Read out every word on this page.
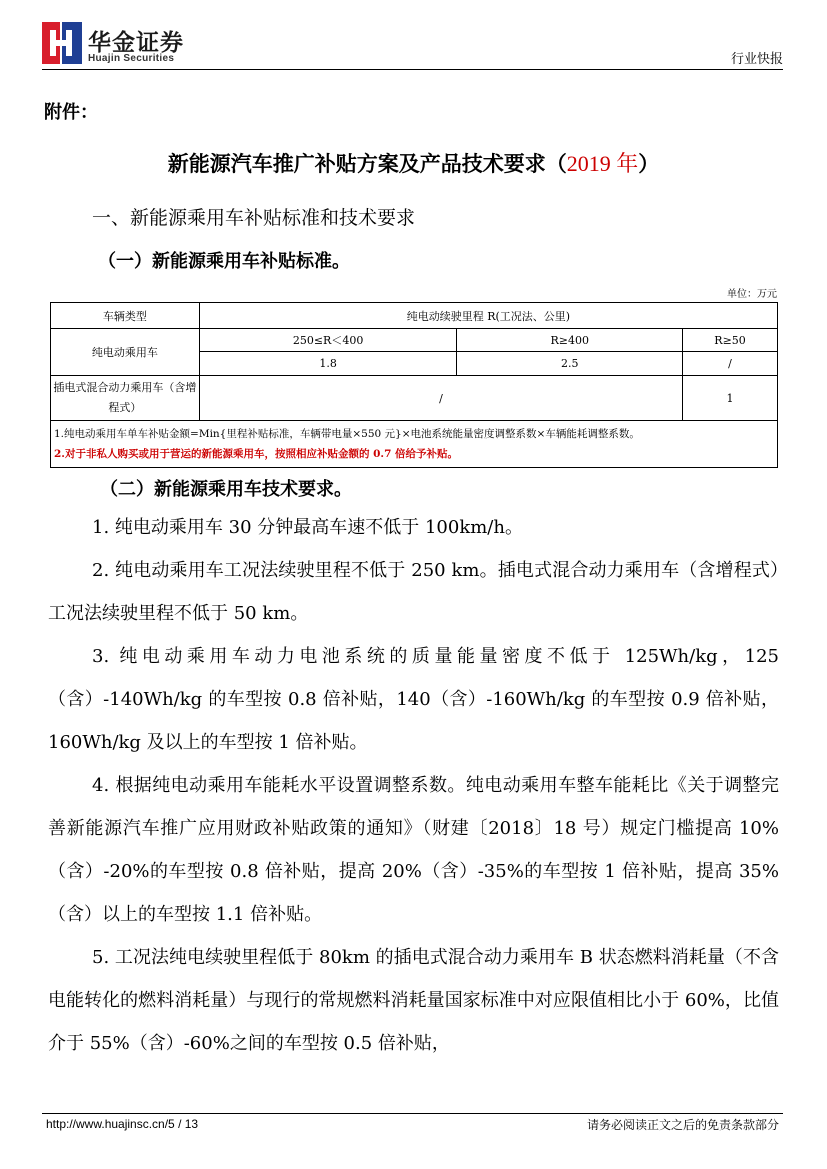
华金证券
Huajin Securities	行业快报
附件：
新能源汽车推广补贴方案及产品技术要求（2019 年）
一、新能源乘用车补贴标准和技术要求
（一）新能源乘用车补贴标准。
单位：万元
车辆类型	纯电动续驶里程 R(工况法、公里)		
纯电动乘用车	250≤R＜400	R≥400	R≥50
	1.8	2.5	/
插电式混合动力乘用车（含增程式）	/		1

1.纯电动乘用车单车补贴金额=Min{里程补贴标准，车辆带电量×550 元}×电池系统能量密度调整系数×车辆能耗调整系数。
2.对于非私人购买或用于营运的新能源乘用车，按照相应补贴金额的 0.7 倍给予补贴。			
（二）新能源乘用车技术要求。

1. 纯电动乘用车 30 分钟最高车速不低于 100km/h。

2. 纯电动乘用车工况法续驶里程不低于 250 km。插电式混合动力乘用车（含增程式）工况法续驶里程不低于 50 km。

3. 纯电动乘用车动力电池系统的质量能量密度不低于 125Wh/kg，125（含）-140Wh/kg 的车型按 0.8 倍补贴，140（含）-160Wh/kg 的车型按 0.9 倍补贴，160Wh/kg 及以上的车型按 1 倍补贴。

4. 根据纯电动乘用车能耗水平设置调整系数。纯电动乘用车整车能耗比《关于调整完善新能源汽车推广应用财政补贴政策的通知》（财建〔2018〕18 号）规定门槛提高 10%（含）-20%的车型按 0.8 倍补贴，提高 20%（含）-35%的车型按 1 倍补贴，提高 35%（含）以上的车型按 1.1 倍补贴。

5. 工况法纯电续驶里程低于 80km 的插电式混合动力乘用车 B 状态燃料消耗量（不含电能转化的燃料消耗量）与现行的常规燃料消耗量国家标准中对应限值相比小于 60%，比值介于 55%（含）-60%之间的车型按 0.5 倍补贴，

http://www.huajinsc.cn/5 / 13	请务必阅读正文之后的免责条款部分
